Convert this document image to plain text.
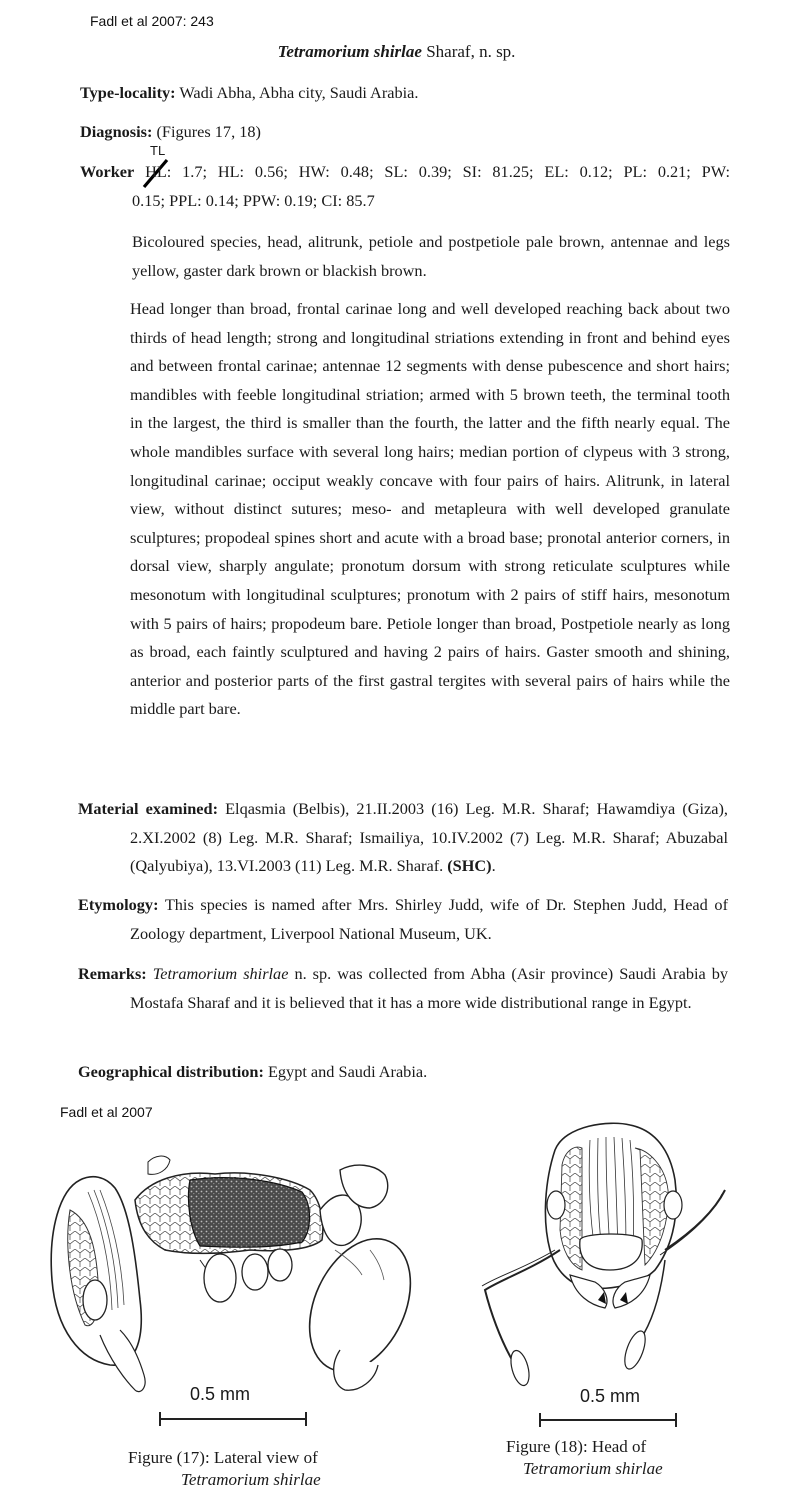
Fadl et al 2007: 243
Tetramorium shirlae Sharaf, n. sp.
Type-locality: Wadi Abha, Abha city, Saudi Arabia.
Diagnosis: (Figures 17, 18)
TL
Worker HL: 1.7; HL: 0.56; HW: 0.48; SL: 0.39; SI: 81.25; EL: 0.12; PL: 0.21; PW:
0.15; PPL: 0.14; PPW: 0.19; CI: 85.7
Bicoloured species, head, alitrunk, petiole and postpetiole pale brown, antennae and legs yellow, gaster dark brown or blackish brown.
Head longer than broad, frontal carinae long and well developed reaching back about two thirds of head length; strong and longitudinal striations extending in front and behind eyes and between frontal carinae; antennae 12 segments with dense pubescence and short hairs; mandibles with feeble longitudinal striation; armed with 5 brown teeth, the terminal tooth in the largest, the third is smaller than the fourth, the latter and the fifth nearly equal. The whole mandibles surface with several long hairs; median portion of clypeus with 3 strong, longitudinal carinae; occiput weakly concave with four pairs of hairs. Alitrunk, in lateral view, without distinct sutures; meso- and metapleura with well developed granulate sculptures; propodeal spines short and acute with a broad base; pronotal anterior corners, in dorsal view, sharply angulate; pronotum dorsum with strong reticulate sculptures while mesonotum with longitudinal sculptures; pronotum with 2 pairs of stiff hairs, mesonotum with 5 pairs of hairs; propodeum bare. Petiole longer than broad, Postpetiole nearly as long as broad, each faintly sculptured and having 2 pairs of hairs. Gaster smooth and shining, anterior and posterior parts of the first gastral tergites with several pairs of hairs while the middle part bare.
Material examined: Elqasmia (Belbis), 21.II.2003 (16) Leg. M.R. Sharaf; Hawamdiya (Giza), 2.XI.2002 (8) Leg. M.R. Sharaf; Ismailiya, 10.IV.2002 (7) Leg. M.R. Sharaf; Abuzabal (Qalyubiya), 13.VI.2003 (11) Leg. M.R. Sharaf. (SHC).
Etymology: This species is named after Mrs. Shirley Judd, wife of Dr. Stephen Judd, Head of Zoology department, Liverpool National Museum, UK.
Remarks: Tetramorium shirlae n. sp. was collected from Abha (Asir province) Saudi Arabia by Mostafa Sharaf and it is believed that it has a more wide distributional range in Egypt.
Geographical distribution: Egypt and Saudi Arabia.
Fadl et al 2007
0.5 mm
Figure (17): Lateral view of
Tetramorium shirlae
0.5 mm
Figure (18): Head of
Tetramorium shirlae
